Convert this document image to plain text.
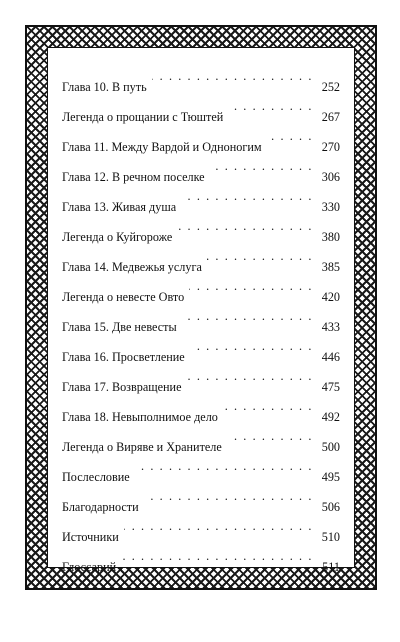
Глава 10. В путь . . .	252
Легенда о прощании с Тюштей . . .	267
Глава 11. Между Вардой и Одноногим . . .	270
Глава 12. В речном поселке . . .	306
Глава 13. Живая душа . . .	330
Легенда о Куйгороже . . .	380
Глава 14. Медвежья услуга . . .	385
Легенда о невесте Овто . . .	420
Глава 15. Две невесты . . .	433
Глава 16. Просветление . . .	446
Глава 17. Возвращение . . .	475
Глава 18. Невыполнимое дело . . .	492
Легенда о Виряве и Хранителе . . .	500
Послесловие . . .	495
Благодарности . . .	506
Источники . . .	510
Глоссарий . . .	511
